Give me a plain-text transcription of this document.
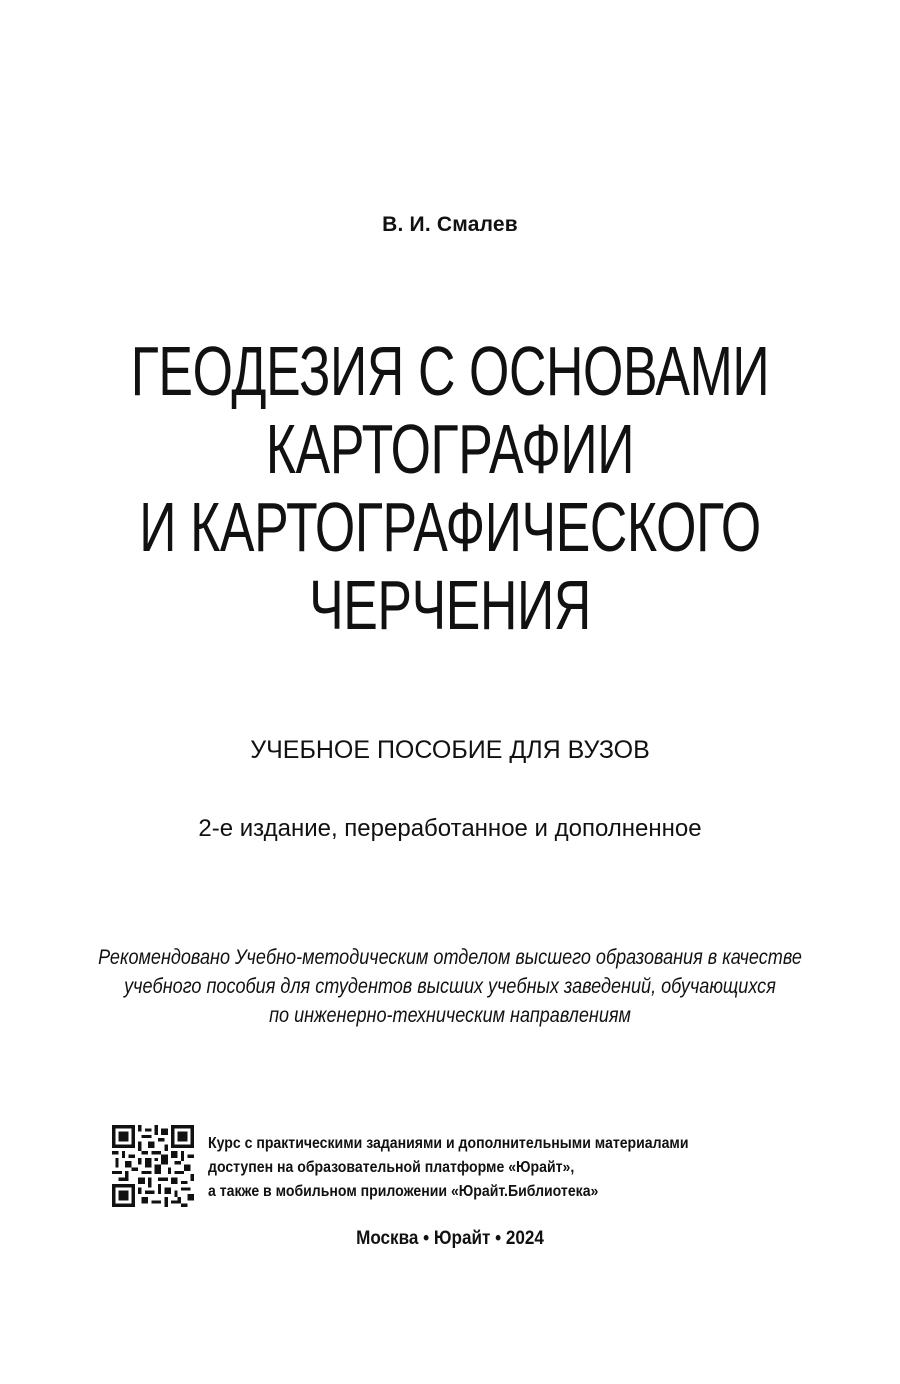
В. И. Смалев
ГЕОДЕЗИЯ С ОСНОВАМИ
КАРТОГРАФИИ
И КАРТОГРАФИЧЕСКОГО
ЧЕРЧЕНИЯ
УЧЕБНОЕ ПОСОБИЕ ДЛЯ ВУЗОВ
2-е издание, переработанное и дополненное
Рекомендовано Учебно-методическим отделом высшего образования в качестве
учебного пособия для студентов высших учебных заведений, обучающихся
по инженерно-техническим направлениям
Курс с практическими заданиями и дополнительными материалами
доступен на образовательной платформе «Юрайт»,
а также в мобильном приложении «Юрайт.Библиотека»
Москва • Юрайт • 2024
